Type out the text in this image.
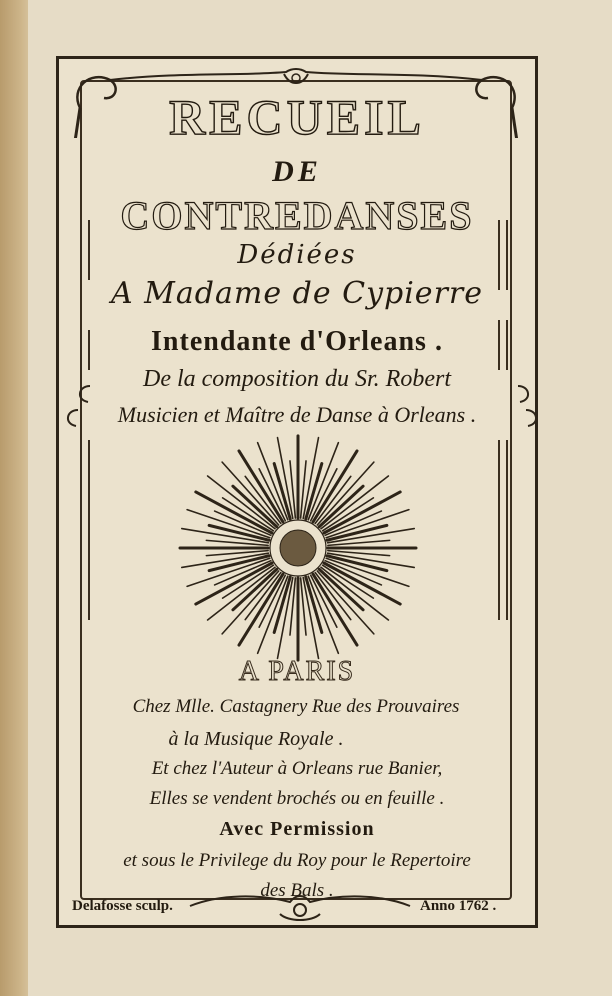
RECUEIL
DE
CONTREDANSES
Dédiées
A Madame de Cypierre
Intendante d'Orleans .
De la composition du Sr. Robert
Musicien et Maître de Danse à Orleans .
A PARIS
Chez Mlle. Castagnery Rue des Prouvaires
à la Musique Royale .
Et chez l'Auteur à Orleans rue Banier,
Elles se vendent brochés ou en feuille .
Avec Permission
et sous le Privilege du Roy pour le Repertoire
des Bals .
Delafosse sculp.	Anno 1762 .
